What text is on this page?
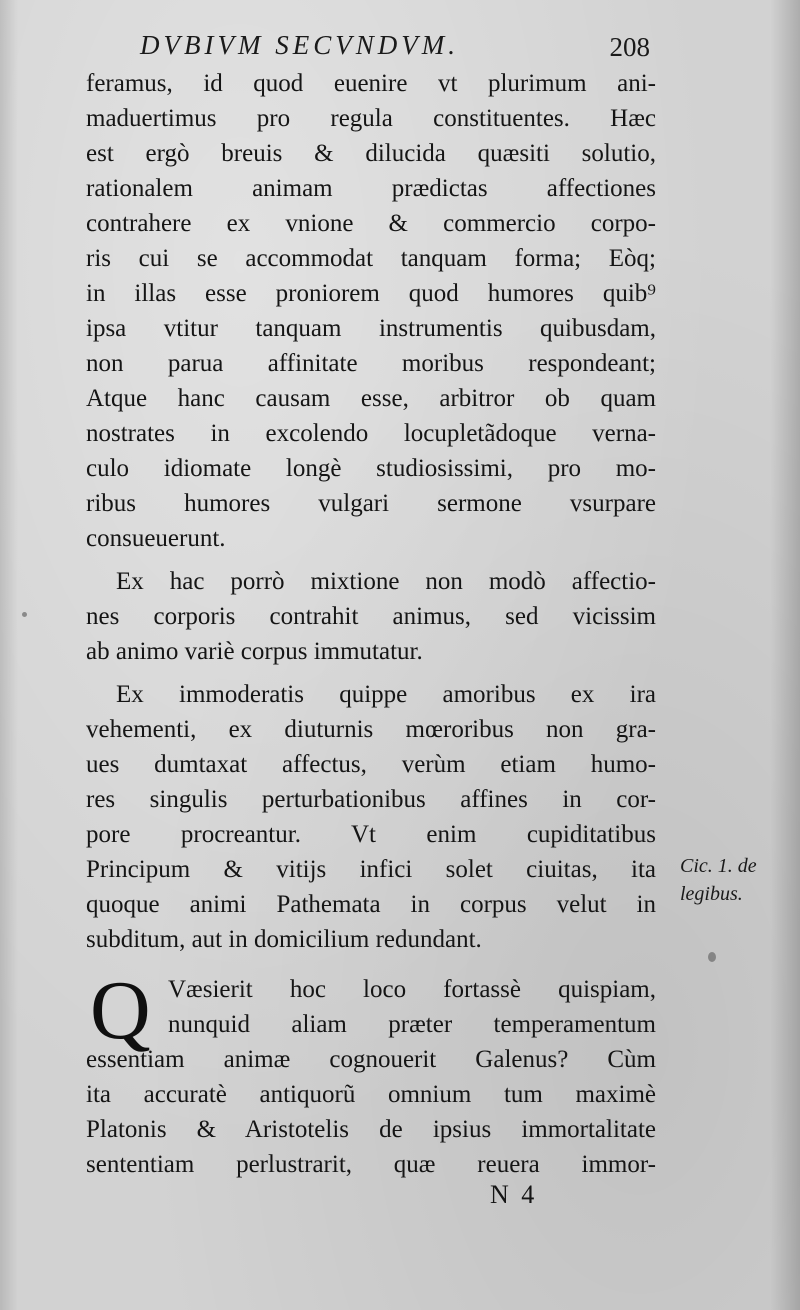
DVBIVM SECVNDVM.	208
feramus, id quod euenire vt plurimum ani-
maduertimus pro regula constituentes. Hæc
est ergò breuis & dilucida quæsiti solutio,
rationalem animam prædictas affectiones
contrahere ex vnione & commercio corpo-
ris cui se accommodat tanquam forma; Eòq;
in illas esse proniorem quod humores quib⁹
ipsa vtitur tanquam instrumentis quibusdam,
non parua affinitate moribus respondeant;
Atque hanc causam esse, arbitror ob quam
nostrates in excolendo locupletãdoque verna-
culo idiomate longè studiosissimi, pro mo-
ribus humores vulgari sermone vsurpare
consueuerunt.
Ex hac porrò mixtione non modò affectio-
nes corporis contrahit animus, sed vicissim
ab animo variè corpus immutatur.
Ex immoderatis quippe amoribus ex ira
vehementi, ex diuturnis mœroribus non gra-
ues dumtaxat affectus, verùm etiam humo-
res singulis perturbationibus affines in cor-
pore procreantur. Vt enim cupiditatibus
Principum & vitijs infici solet ciuitas, ita
quoque animi Pathemata in corpus velut in
subditum, aut in domicilium redundant.
Cic. 1. de
legibus.
Q Væsierit hoc loco fortassè quispiam,
nunquid aliam præter temperamentum
essentiam animæ cognouerit Galenus? Cùm
ita accuratè antiquorũ omnium tum maximè
Platonis & Aristotelis de ipsius immortalitate
sententiam perlustrarit, quæ reuera immor-
N 4
